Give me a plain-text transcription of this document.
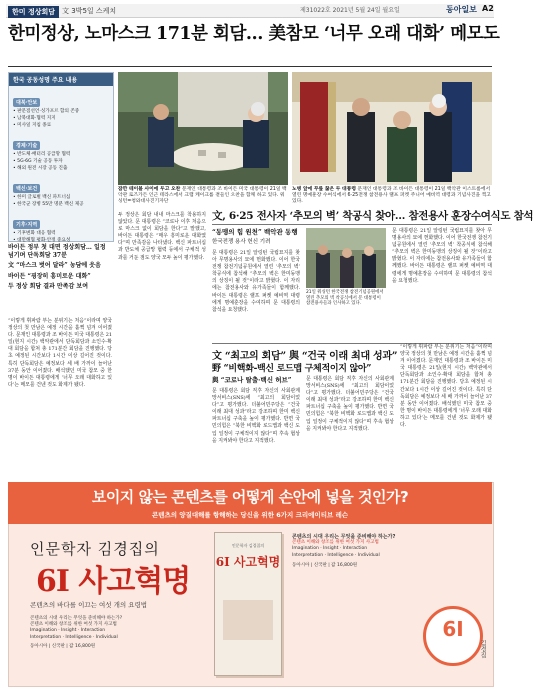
한미 정상회담 文 3박5일 스케치	제31022호 2021년 5월 24일 월요일	동아일보 A2
한미정상, 노마스크 171분 회담… 美참모 ‘너무 오래 대화’ 메모도
한국 공동성명 주요 내용
대북·안보
• 판문점선언·싱가포르 합의 존중
• 남북대화·협력 지지
• 미사일 지침 종료
경제·기술
• 반도체·배터리 공급망 협력
• 5G·6G 기술 공동 투자
• 해외 원전 시장 공동 진출
백신·보건
• 한미 글로벌 백신 파트너십
• 한국군 장병 55만 명분 백신 제공
기후·지역
• 기후변화 대응 협력
• 대만해협 평화·안정 중요성
잠깐 테이블 사이에 두고 오찬 문재인 대통령과 조 바이든 미국 대통령이 21일 백악관 로즈가든 인근 테라스에서 크랩 케이크를 곁들인 오찬을 함께 하고 있다. 워싱턴=청와대사진기자단
노병 앞에 무릎 꿇은 두 대통령 문재인 대통령과 조 바이든 대통령이 21일 백악관 이스트룸에서 열린 명예훈장 수여식에서 6·25전쟁 참전용사 랠프 퍼켓 주니어 예비역 대령과 기념사진을 찍고 있다.
바이든 정부 첫 대면 정상회담… 일정 넘기며 단독회담 37분
文 “마스크 벗어 달라” 농담에 웃음
바이든 “굉장히 흥미로운 대화”
두 정상 회담 결과 만족감 보여
“이렇게 휘파람 부는 분위기는 처음”이라며 양국 정상의 첫 만남은 예정 시간을 훌쩍 넘겨 이어졌다. 문재인 대통령과 조 바이든 미국 대통령은 21일(현지 시간) 백악관에서 단독회담과 소인수·확대 회담을 합쳐 총 171분간 회담을 진행했다. 당초 예정된 시간보다 1시간 이상 길어진 것이다. 특히 단독회담은 예정보다 세 배 가까이 늘어난 37분 동안 이어졌다. 배석했던 미국 참모 중 한 명이 바이든 대통령에게 ‘너무 오래 대화하고 있다’는 메모를 건넨 것도 화제가 됐다.
두 정상은 회담 내내 마스크를 착용하지 않았다. 문 대통령은 “코로나 이후 처음으로 마스크 없이 회담을 한다”고 말했고, 바이든 대통령은 “매우 흥미로운 대화였다”며 만족감을 나타냈다. 백신 파트너십과 반도체 공급망 협력 등에서 구체적 성과를 거둔 점도 양국 모두 높이 평가했다.
文, 6·25 전사자 ‘추모의 벽’ 착공식 찾아… 참전용사 훈장수여식도 참석
“동맹의 힘 원천” 백악관 동행
한국전쟁 용사 헌신 기려
문 대통령은 21일 알링턴 국립묘지를 찾아 무명용사의 묘에 헌화했다. 이어 한국전쟁 참전기념공원에서 열린 ‘추모의 벽’ 착공식에 참석해 “추모의 벽은 한미동맹의 상징이 될 것”이라고 밝혔다. 이 자리에는 참전용사와 유가족들이 함께했다. 바이든 대통령은 랠프 퍼켓 예비역 대령에게 명예훈장을 수여하며 문 대통령의 참석을 요청했다.
21일 워싱턴 한국전쟁 참전기념공원에서 열린 추모의 벽 착공식에서 문 대통령이 참전용사들과 인사하고 있다.
문 대통령은 21일 알링턴 국립묘지를 찾아 무명용사의 묘에 헌화했다. 이어 한국전쟁 참전기념공원에서 열린 ‘추모의 벽’ 착공식에 참석해 “추모의 벽은 한미동맹의 상징이 될 것”이라고 밝혔다. 이 자리에는 참전용사와 유가족들이 함께했다. 바이든 대통령은 랠프 퍼켓 예비역 대령에게 명예훈장을 수여하며 문 대통령의 참석을 요청했다.
文 “최고의 회담” 與 “건국 이래 최대 성과”
野 “비핵화-백신 로드맵 구체적이지 않아”
與 “코로나 탈출·백신 허브”
문 대통령은 회담 직후 자신의 사회관계망서비스(SNS)에 “최고의 회담이었다”고 평가했다. 더불어민주당은 “건국 이래 최대 성과”라고 강조하며 한미 백신 파트너십 구축을 높이 평가했다. 반면 국민의힘은 “북한 비핵화 로드맵과 백신 도입 일정이 구체적이지 않다”며 후속 협상을 지켜봐야 한다고 지적했다.
문 대통령은 회담 직후 자신의 사회관계망서비스(SNS)에 “최고의 회담이었다”고 평가했다. 더불어민주당은 “건국 이래 최대 성과”라고 강조하며 한미 백신 파트너십 구축을 높이 평가했다. 반면 국민의힘은 “북한 비핵화 로드맵과 백신 도입 일정이 구체적이지 않다”며 후속 협상을 지켜봐야 한다고 지적했다.
“이렇게 휘파람 부는 분위기는 처음”이라며 양국 정상의 첫 만남은 예정 시간을 훌쩍 넘겨 이어졌다. 문재인 대통령과 조 바이든 미국 대통령은 21일(현지 시간) 백악관에서 단독회담과 소인수·확대 회담을 합쳐 총 171분간 회담을 진행했다. 당초 예정된 시간보다 1시간 이상 길어진 것이다. 특히 단독회담은 예정보다 세 배 가까이 늘어난 37분 동안 이어졌다. 배석했던 미국 참모 중 한 명이 바이든 대통령에게 ‘너무 오래 대화하고 있다’는 메모를 건넨 것도 화제가 됐다.
보이지 않는 콘텐츠를 어떻게 손안에 넣을 것인가?
콘텐츠의 양질대해를 항해하는 당신을 위한 6가지 크리에이티브 레슨
인문학자 김경집의
6I 사고혁명
콘텐츠의 바다를 이끄는 여섯 개의 요령법
콘텐츠의 시대 우리는 무엇을 준비해야 하는가?
콘텐츠 이해와 창조를 위한 여섯 가지 사고법
Imagination · Insight · Interaction
Interpretation · Intelligence · Individual
동아시아 | 신국판 | 값 16,800원
인문학자 김경집의
6I 사고혁명
콘텐츠의 시대 우리는 무엇을 준비해야 하는가?
콘텐츠 이해와 창조를 위한 여섯 가지 사고법
Imagination · Insight · Interaction
Interpretation · Intelligence · Individual
동아시아 | 신국판 | 값 16,800원
6I
김경집
